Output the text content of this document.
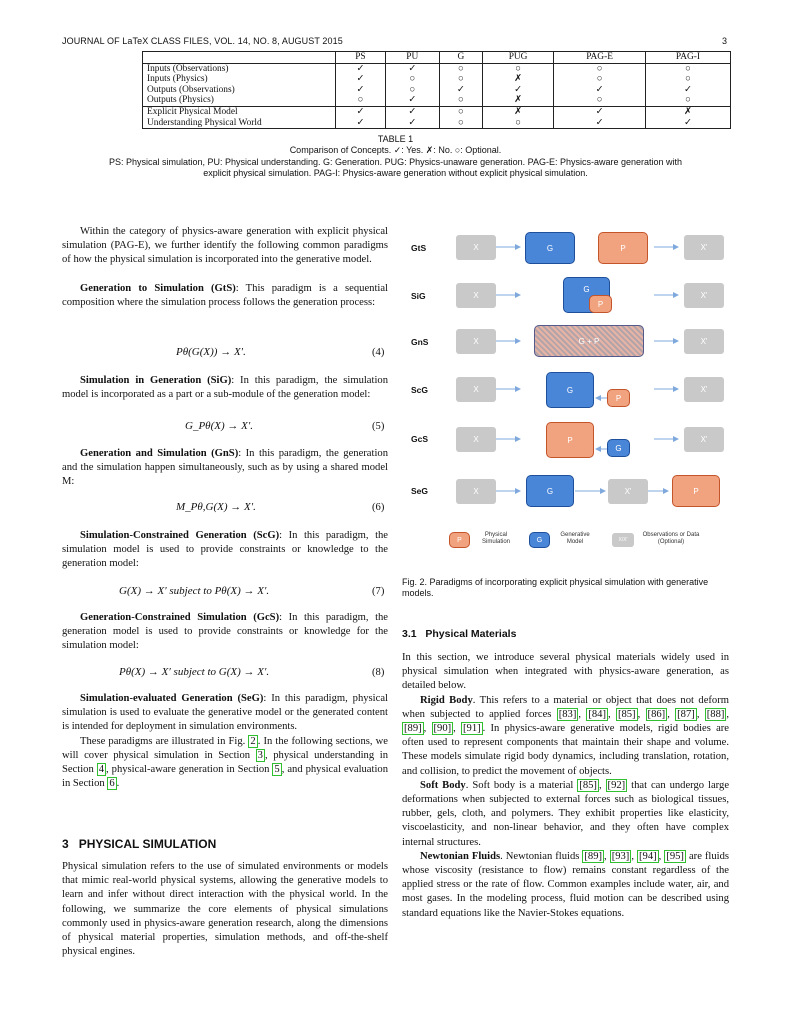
JOURNAL OF LaTeX CLASS FILES, VOL. 14, NO. 8, AUGUST 2015	3
	PS	PU	G	PUG	PAG-E	PAG-I
Inputs (Observations)	✓	✓	○	○	○	○
Inputs (Physics)	✓	○	○	✗	○	○
Outputs (Observations)	✓	○	✓	✓	✓	✓
Outputs (Physics)	○	✓	○	✗	○	○
Explicit Physical Model	✓	✓	○	✗	✓	✗
Understanding Physical World	✓	✓	○	○	✓	✓
TABLE 1
Comparison of Concepts. ✓: Yes. ✗: No. ○: Optional.
PS: Physical simulation, PU: Physical understanding. G: Generation. PUG: Physics-unaware generation. PAG-E: Physics-aware generation with
explicit physical simulation. PAG-I: Physics-aware generation without explicit physical simulation.

Within the category of physics-aware generation with explicit physical simulation (PAG-E), we further identify the following common paradigms of how the physical simulation is incorporated into the generative model.

Generation to Simulation (GtS): This paradigm is a sequential composition where the simulation process follows the generation process:

Pθ(G(X)) → X′.	(4)

Simulation in Generation (SiG): In this paradigm, the simulation model is incorporated as a part or a sub-module of the generation model:

G_Pθ(X) → X′.	(5)

Generation and Simulation (GnS): In this paradigm, the generation and the simulation happen simultaneously, such as by using a shared model M:

M_Pθ,G(X) → X′.	(6)

Simulation-Constrained Generation (ScG): In this paradigm, the simulation model is used to provide constraints or knowledge to the generation model:

G(X) → X′ subject to Pθ(X) → X′.	(7)

Generation-Constrained Simulation (GcS): In this paradigm, the generation model is used to provide constraints or knowledge for the simulation model:

Pθ(X) → X′ subject to G(X) → X′.	(8)

Simulation-evaluated Generation (SeG): In this paradigm, physical simulation is used to evaluate the generative model or the generated content is intended for deployment in simulation environments.

These paradigms are illustrated in Fig. 2 . In the following sections, we will cover physical simulation in Section 3 , physical understanding in Section 4 , physical-aware generation in Section 5 , and physical evaluation in Section 6 .

3 PHYSICAL SIMULATION

Physical simulation refers to the use of simulated environments or models that mimic real-world physical systems, allowing the generative models to learn and infer without direct interaction with the physical world. In the following, we summarize the core elements of physical simulations commonly used in physics-aware generation research, along the dimensions of physical material properties, simulation methods, and off-the-shelf physical engines.

GtS
SiG
GnS
ScG
GcS
SeG
X	G	P	X'
X
G
P
X'
X	G + P	X'
X	G
P
X'
X	P
G
X'
X	G	X'	P
P
Physical Simulation	G
Generative Model	X/X'
Observations or Data (Optional)
Fig. 2. Paradigms of incorporating explicit physical simulation with generative models.
3.1 Physical Materials

In this section, we introduce several physical materials widely used in physical simulation when integrated with physics-aware generation, as detailed below.

Rigid Body. This refers to a material or object that does not deform when subjected to applied forces [83] , [84] , [85] , [86] , [87] , [88] , [89] , [90] , [91] . In physics-aware generative models, rigid bodies are often used to represent components that maintain their shape and volume. These models simulate rigid body dynamics, including translation, rotation, and collision, to predict the movement of objects.

Soft Body. Soft body is a material [85] , [92] that can undergo large deformations when subjected to external forces such as biological tissues, rubber, gels, cloth, and polymers. They exhibit properties like elasticity, viscoelasticity, and non-linear behavior, and they often have complex internal structures.

Newtonian Fluids. Newtonian fluids [89] , [93] , [94] , [95] are fluids whose viscosity (resistance to flow) remains constant regardless of the applied stress or the rate of flow. Common examples include water, air, and most gases. In the modeling process, fluid motion can be described using standard equations like the Navier-Stokes equations.
